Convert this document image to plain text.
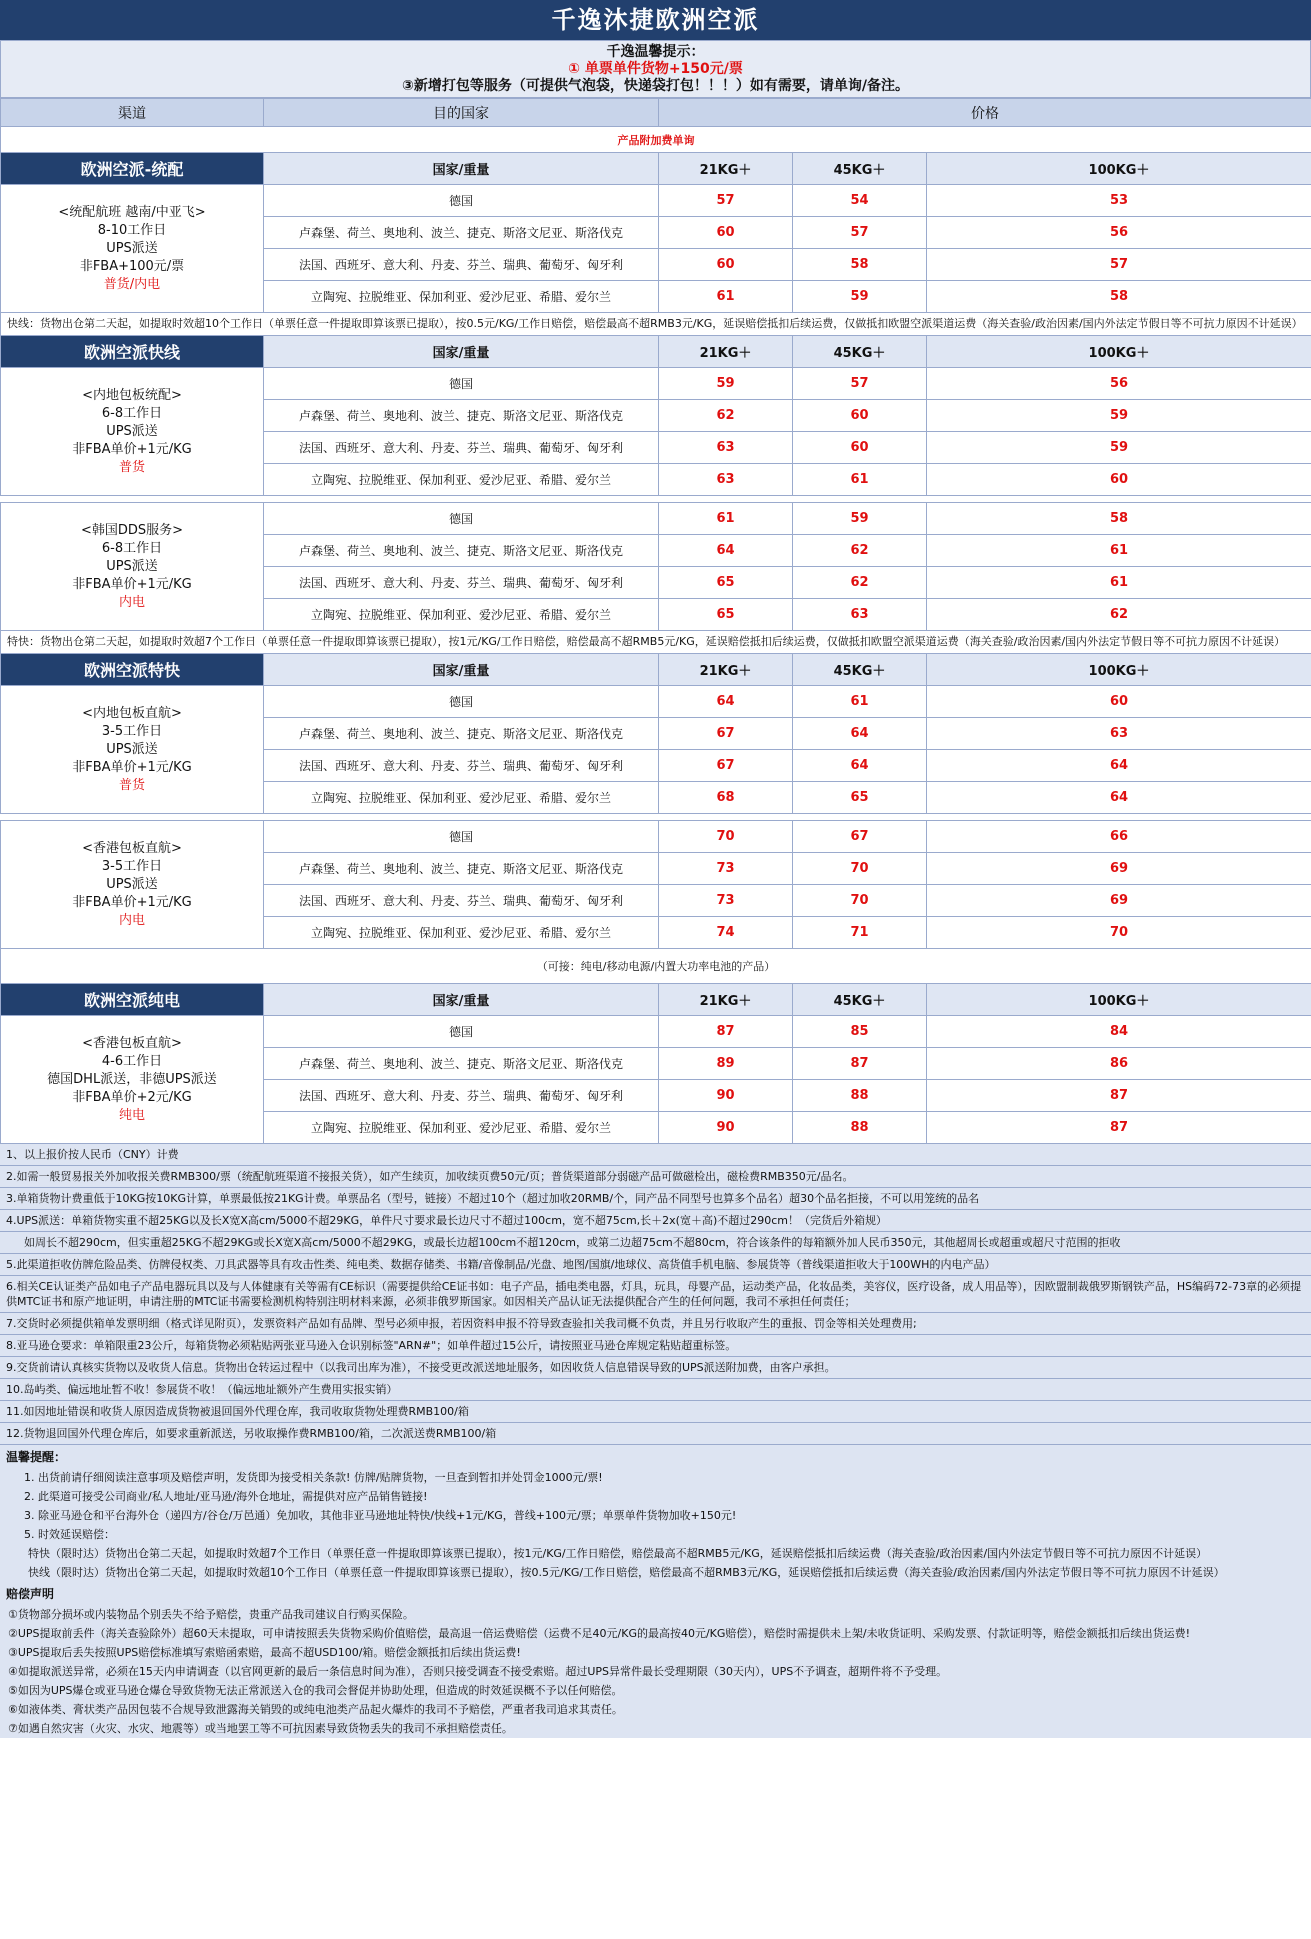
千逸沐捷欧洲空派
千逸温馨提示：
① 单票单件货物+150元/票
③新增打包等服务（可提供气泡袋，快递袋打包！！！）如有需要，请单询/备注。
渠道	目的国家	价格		
产品附加费单询				
欧洲空派-统配	国家/重量	21KG＋	45KG＋	100KG＋

<统配航班 越南/中亚飞>
8-10工作日
UPS派送
非FBA+100元/票
普货/内电	德国	57	54	53
	卢森堡、荷兰、奥地利、波兰、捷克、斯洛文尼亚、斯洛伐克	60	57	56
	法国、西班牙、意大利、丹麦、芬兰、瑞典、葡萄牙、匈牙利	60	58	57
	立陶宛、拉脱维亚、保加利亚、爱沙尼亚、希腊、爱尔兰	61	59	58
快线：货物出仓第二天起，如提取时效超10个工作日（单票任意一件提取即算该票已提取），按0.5元/KG/工作日赔偿，赔偿最高不超RMB3元/KG，延误赔偿抵扣后续运费，仅做抵扣欧盟空派渠道运费（海关查验/政治因素/国内外法定节假日等不可抗力原因不计延误）				
欧洲空派快线	国家/重量	21KG＋	45KG＋	100KG＋

<内地包板统配>
6-8工作日
UPS派送
非FBA单价+1元/KG
普货	德国	59	57	56
	卢森堡、荷兰、奥地利、波兰、捷克、斯洛文尼亚、斯洛伐克	62	60	59
	法国、西班牙、意大利、丹麦、芬兰、瑞典、葡萄牙、匈牙利	63	60	59
	立陶宛、拉脱维亚、保加利亚、爱沙尼亚、希腊、爱尔兰	63	61	60

<韩国DDS服务>
6-8工作日
UPS派送
非FBA单价+1元/KG
内电	德国	61	59	58
	卢森堡、荷兰、奥地利、波兰、捷克、斯洛文尼亚、斯洛伐克	64	62	61
	法国、西班牙、意大利、丹麦、芬兰、瑞典、葡萄牙、匈牙利	65	62	61
	立陶宛、拉脱维亚、保加利亚、爱沙尼亚、希腊、爱尔兰	65	63	62
特快：货物出仓第二天起，如提取时效超7个工作日（单票任意一件提取即算该票已提取），按1元/KG/工作日赔偿，赔偿最高不超RMB5元/KG，延误赔偿抵扣后续运费，仅做抵扣欧盟空派渠道运费（海关查验/政治因素/国内外法定节假日等不可抗力原因不计延误）				
欧洲空派特快	国家/重量	21KG＋	45KG＋	100KG＋

<内地包板直航>
3-5工作日
UPS派送
非FBA单价+1元/KG
普货	德国	64	61	60
	卢森堡、荷兰、奥地利、波兰、捷克、斯洛文尼亚、斯洛伐克	67	64	63
	法国、西班牙、意大利、丹麦、芬兰、瑞典、葡萄牙、匈牙利	67	64	64
	立陶宛、拉脱维亚、保加利亚、爱沙尼亚、希腊、爱尔兰	68	65	64

<香港包板直航>
3-5工作日
UPS派送
非FBA单价+1元/KG
内电	德国	70	67	66
	卢森堡、荷兰、奥地利、波兰、捷克、斯洛文尼亚、斯洛伐克	73	70	69
	法国、西班牙、意大利、丹麦、芬兰、瑞典、葡萄牙、匈牙利	73	70	69
	立陶宛、拉脱维亚、保加利亚、爱沙尼亚、希腊、爱尔兰	74	71	70
（可接：纯电/移动电源/内置大功率电池的产品）				
欧洲空派纯电	国家/重量	21KG＋	45KG＋	100KG＋

<香港包板直航>
4-6工作日
德国DHL派送，非德UPS派送
非FBA单价+2元/KG
纯电	德国	87	85	84
	卢森堡、荷兰、奥地利、波兰、捷克、斯洛文尼亚、斯洛伐克	89	87	86
	法国、西班牙、意大利、丹麦、芬兰、瑞典、葡萄牙、匈牙利	90	88	87
	立陶宛、拉脱维亚、保加利亚、爱沙尼亚、希腊、爱尔兰	90	88	87
1、以上报价按人民币（CNY）计费
2.如需一般贸易报关外加收报关费RMB300/票（统配航班渠道不接报关货），如产生续页，加收续页费50元/页；普货渠道部分弱磁产品可做磁检出，磁检费RMB350元/品名。
3.单箱货物计费重低于10KG按10KG计算，单票最低按21KG计费。单票品名（型号，链接）不超过10个（超过加收20RMB/个，同产品不同型号也算多个品名）超30个品名拒接，不可以用笼统的品名
4.UPS派送：单箱货物实重不超25KG以及长X宽X高cm/5000不超29KG，单件尺寸要求最长边尺寸不超过100cm，宽不超75cm,长＋2x(宽＋高)不超过290cm！（完货后外箱规）
如周长不超290cm，但实重超25KG不超29KG或长X宽X高cm/5000不超29KG，或最长边超100cm不超120cm，或第二边超75cm不超80cm，符合该条件的每箱额外加人民币350元，其他超周长或超重或超尺寸范围的拒收
5.此渠道拒收仿牌危险品类、仿牌侵权类、刀具武器等具有攻击性类、纯电类、数据存储类、书籍/音像制品/光盘、地图/国旗/地球仪、高货值手机电脑、参展货等（普线渠道拒收大于100WH的内电产品）
6.相关CE认证类产品如电子产品电器玩具以及与人体健康有关等需有CE标识（需要提供给CE证书如：电子产品，插电类电器，灯具，玩具，母婴产品，运动类产品，化妆品类，美容仪，医疗设备，成人用品等），因欧盟制裁俄罗斯钢铁产品，HS编码72-73章的必须提供MTC证书和原产地证明，申请注册的MTC证书需要检测机构特别注明材料来源，必须非俄罗斯国家。如因相关产品认证无法提供配合产生的任何问题，我司不承担任何责任；
7.交货时必须提供箱单发票明细（格式详见附页），发票资料产品如有品牌、型号必须申报，若因资料申报不符导致查验扣关我司概不负责，并且另行收取产生的重报、罚金等相关处理费用;
8.亚马逊仓要求：单箱限重23公斤，每箱货物必须粘贴两张亚马逊入仓识别标签"ARN#"；如单件超过15公斤，请按照亚马逊仓库规定粘贴超重标签。
9.交货前请认真核实货物以及收货人信息。货物出仓转运过程中（以我司出库为准），不接受更改派送地址服务，如因收货人信息错误导致的UPS派送附加费，由客户承担。
10.岛屿类、偏远地址暂不收！参展货不收！（偏远地址额外产生费用实报实销）
11.如因地址错误和收货人原因造成货物被退回国外代理仓库，我司收取货物处理费RMB100/箱
12.货物退回国外代理仓库后，如要求重新派送，另收取操作费RMB100/箱，二次派送费RMB100/箱
温馨提醒：
1. 出货前请仔细阅读注意事项及赔偿声明，发货即为接受相关条款! 仿牌/贴牌货物，一旦查到暂扣并处罚金1000元/票!
2. 此渠道可接受公司商业/私人地址/亚马逊/海外仓地址，需提供对应产品销售链接!
3. 除亚马逊仓和平台海外仓（递四方/谷仓/万邑通）免加收，其他非亚马逊地址特快/快线+1元/KG，普线+100元/票；单票单件货物加收+150元!
5. 时效延误赔偿：
特快（限时达）货物出仓第二天起，如提取时效超7个工作日（单票任意一件提取即算该票已提取），按1元/KG/工作日赔偿，赔偿最高不超RMB5元/KG，延误赔偿抵扣后续运费（海关查验/政治因素/国内外法定节假日等不可抗力原因不计延误）
快线（限时达）货物出仓第二天起，如提取时效超10个工作日（单票任意一件提取即算该票已提取），按0.5元/KG/工作日赔偿，赔偿最高不超RMB3元/KG，延误赔偿抵扣后续运费（海关查验/政治因素/国内外法定节假日等不可抗力原因不计延误）
赔偿声明
①货物部分损坏或内装物品个别丢失不给予赔偿，贵重产品我司建议自行购买保险。
②UPS提取前丢件（海关查验除外）超60天未提取，可申请按照丢失货物采购价值赔偿，最高退一倍运费赔偿（运费不足40元/KG的最高按40元/KG赔偿），赔偿时需提供未上架/未收货证明、采购发票、付款证明等，赔偿金额抵扣后续出货运费!
③UPS提取后丢失按照UPS赔偿标准填写索赔函索赔，最高不超USD100/箱。赔偿金额抵扣后续出货运费!
④如提取派送异常，必须在15天内申请调查（以官网更新的最后一条信息时间为准），否则只接受调查不接受索赔。超过UPS异常件最长受理期限（30天内），UPS不予调查，超期件将不予受理。
⑤如因为UPS爆仓或亚马逊仓爆仓导致货物无法正常派送入仓的我司会督促并协助处理，但造成的时效延误概不予以任何赔偿。
⑥如液体类、膏状类产品因包装不合规导致泄露海关销毁的或纯电池类产品起火爆炸的我司不予赔偿，严重者我司追求其责任。
⑦如遇自然灾害（火灾、水灾、地震等）或当地罢工等不可抗因素导致货物丢失的我司不承担赔偿责任。
